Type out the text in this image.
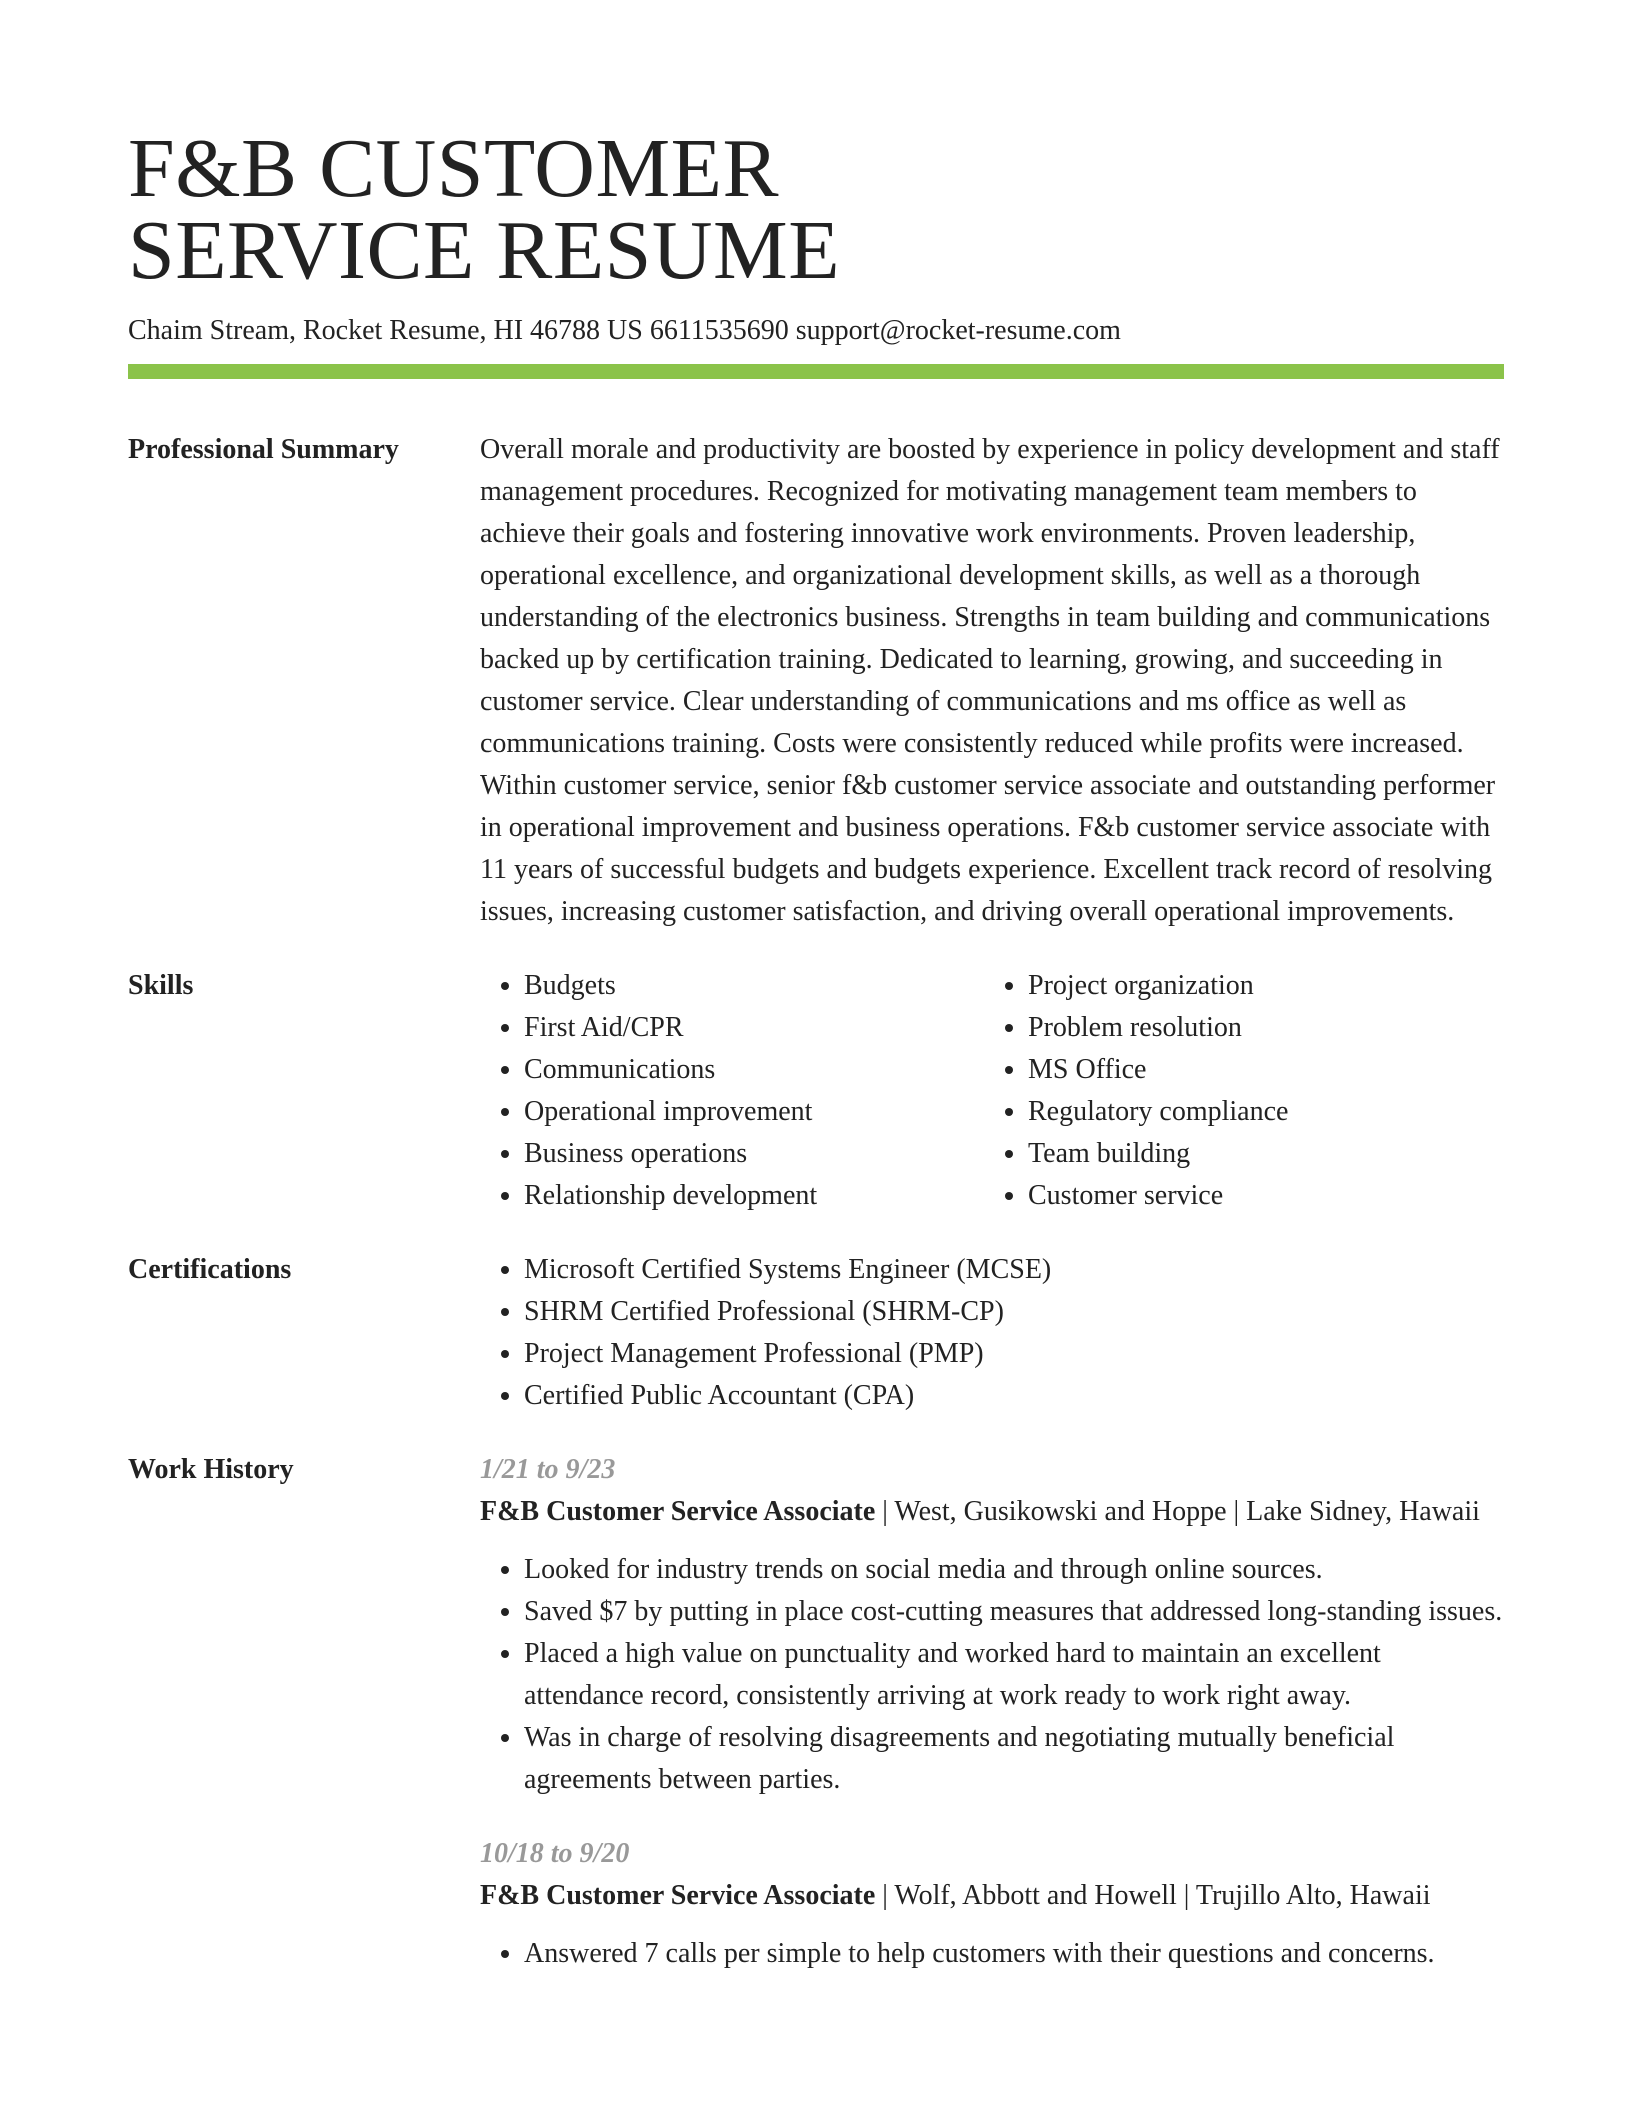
F&B CUSTOMER
SERVICE RESUME
Chaim Stream, Rocket Resume, HI 46788 US 6611535690 support@rocket-resume.com
Professional Summary	Overall morale and productivity are boosted by experience in policy development and staff management procedures. Recognized for motivating management team members to achieve their goals and fostering innovative work environments. Proven leadership, operational excellence, and organizational development skills, as well as a thorough understanding of the electronics business. Strengths in team building and communications backed up by certification training. Dedicated to learning, growing, and succeeding in customer service. Clear understanding of communications and ms office as well as communications training. Costs were consistently reduced while profits were increased. Within customer service, senior f&b customer service associate and outstanding performer in operational improvement and business operations. F&b customer service associate with 11 years of successful budgets and budgets experience. Excellent track record of resolving issues, increasing customer satisfaction, and driving overall operational improvements.

Skills	• Budgets
• First Aid/CPR
• Communications
• Operational improvement
• Business operations
• Relationship development
• Project organization
• Problem resolution
• MS Office
• Regulatory compliance
• Team building
• Customer service
Certifications	• Microsoft Certified Systems Engineer (MCSE)
• SHRM Certified Professional (SHRM-CP)
• Project Management Professional (PMP)
• Certified Public Accountant (CPA)
Work History	1/21 to 9/23
F&B Customer Service Associate | West, Gusikowski and Hoppe | Lake Sidney, Hawaii
• Looked for industry trends on social media and through online sources.
• Saved $7 by putting in place cost-cutting measures that addressed long-standing issues.
• Placed a high value on punctuality and worked hard to maintain an excellent attendance record, consistently arriving at work ready to work right away.
• Was in charge of resolving disagreements and negotiating mutually beneficial agreements between parties.
10/18 to 9/20
F&B Customer Service Associate | Wolf, Abbott and Howell | Trujillo Alto, Hawaii
• Answered 7 calls per simple to help customers with their questions and concerns.
